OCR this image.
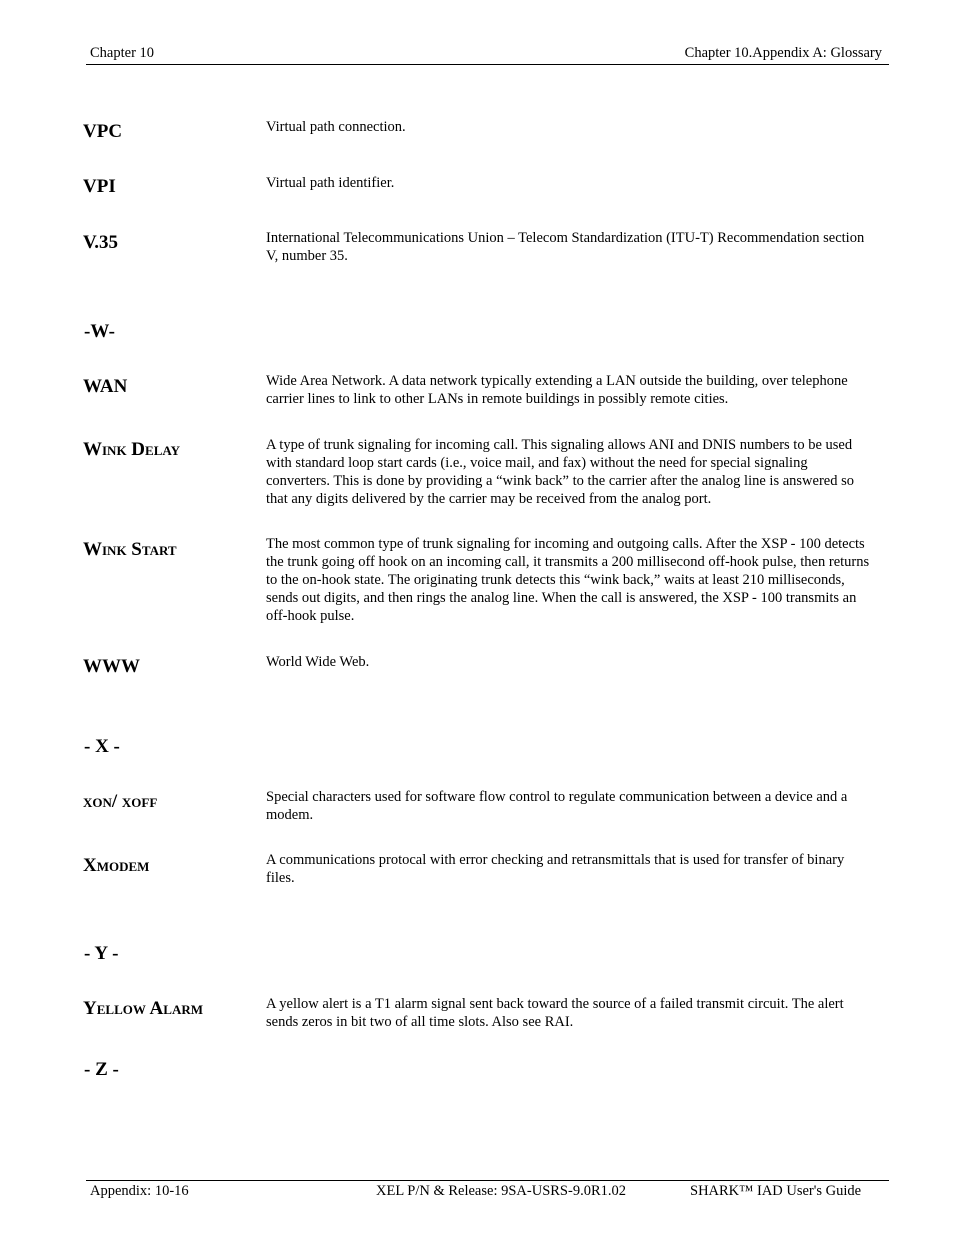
Chapter 10	Chapter 10.Appendix A: Glossary
VPC	Virtual path connection.
VPI	Virtual path identifier.
V.35	International Telecommunications Union – Telecom Standardization (ITU-T) Recommendation section V, number 35.
-W-
WAN	Wide Area Network. A data network typically extending a LAN outside the building, over telephone carrier lines to link to other LANs in remote buildings in possibly remote cities.
Wink Delay	A type of trunk signaling for incoming call. This signaling allows ANI and DNIS numbers to be used with standard loop start cards (i.e., voice mail, and fax) without the need for special signaling converters. This is done by providing a “wink back” to the carrier after the analog line is answered so that any digits delivered by the carrier may be received from the analog port.
Wink Start	The most common type of trunk signaling for incoming and outgoing calls. After the XSP - 100 detects the trunk going off hook on an incoming call, it transmits a 200 millisecond off-hook pulse, then returns to the on-hook state. The originating trunk detects this “wink back,” waits at least 210 milliseconds, sends out digits, and then rings the analog line. When the call is answered, the XSP - 100 transmits an off-hook pulse.
WWW	World Wide Web.
- X -
xon/ xoff	Special characters used for software flow control to regulate communication between a device and a modem.
Xmodem	A communications protocal with error checking and retransmittals that is used for transfer of binary files.
- Y -
Yellow Alarm	A yellow alert is a T1 alarm signal sent back toward the source of a failed transmit circuit. The alert sends zeros in bit two of all time slots. Also see RAI.
- Z -
Appendix: 10-16	XEL P/N & Release: 9SA-USRS-9.0R1.02	SHARK™ IAD User's Guide
